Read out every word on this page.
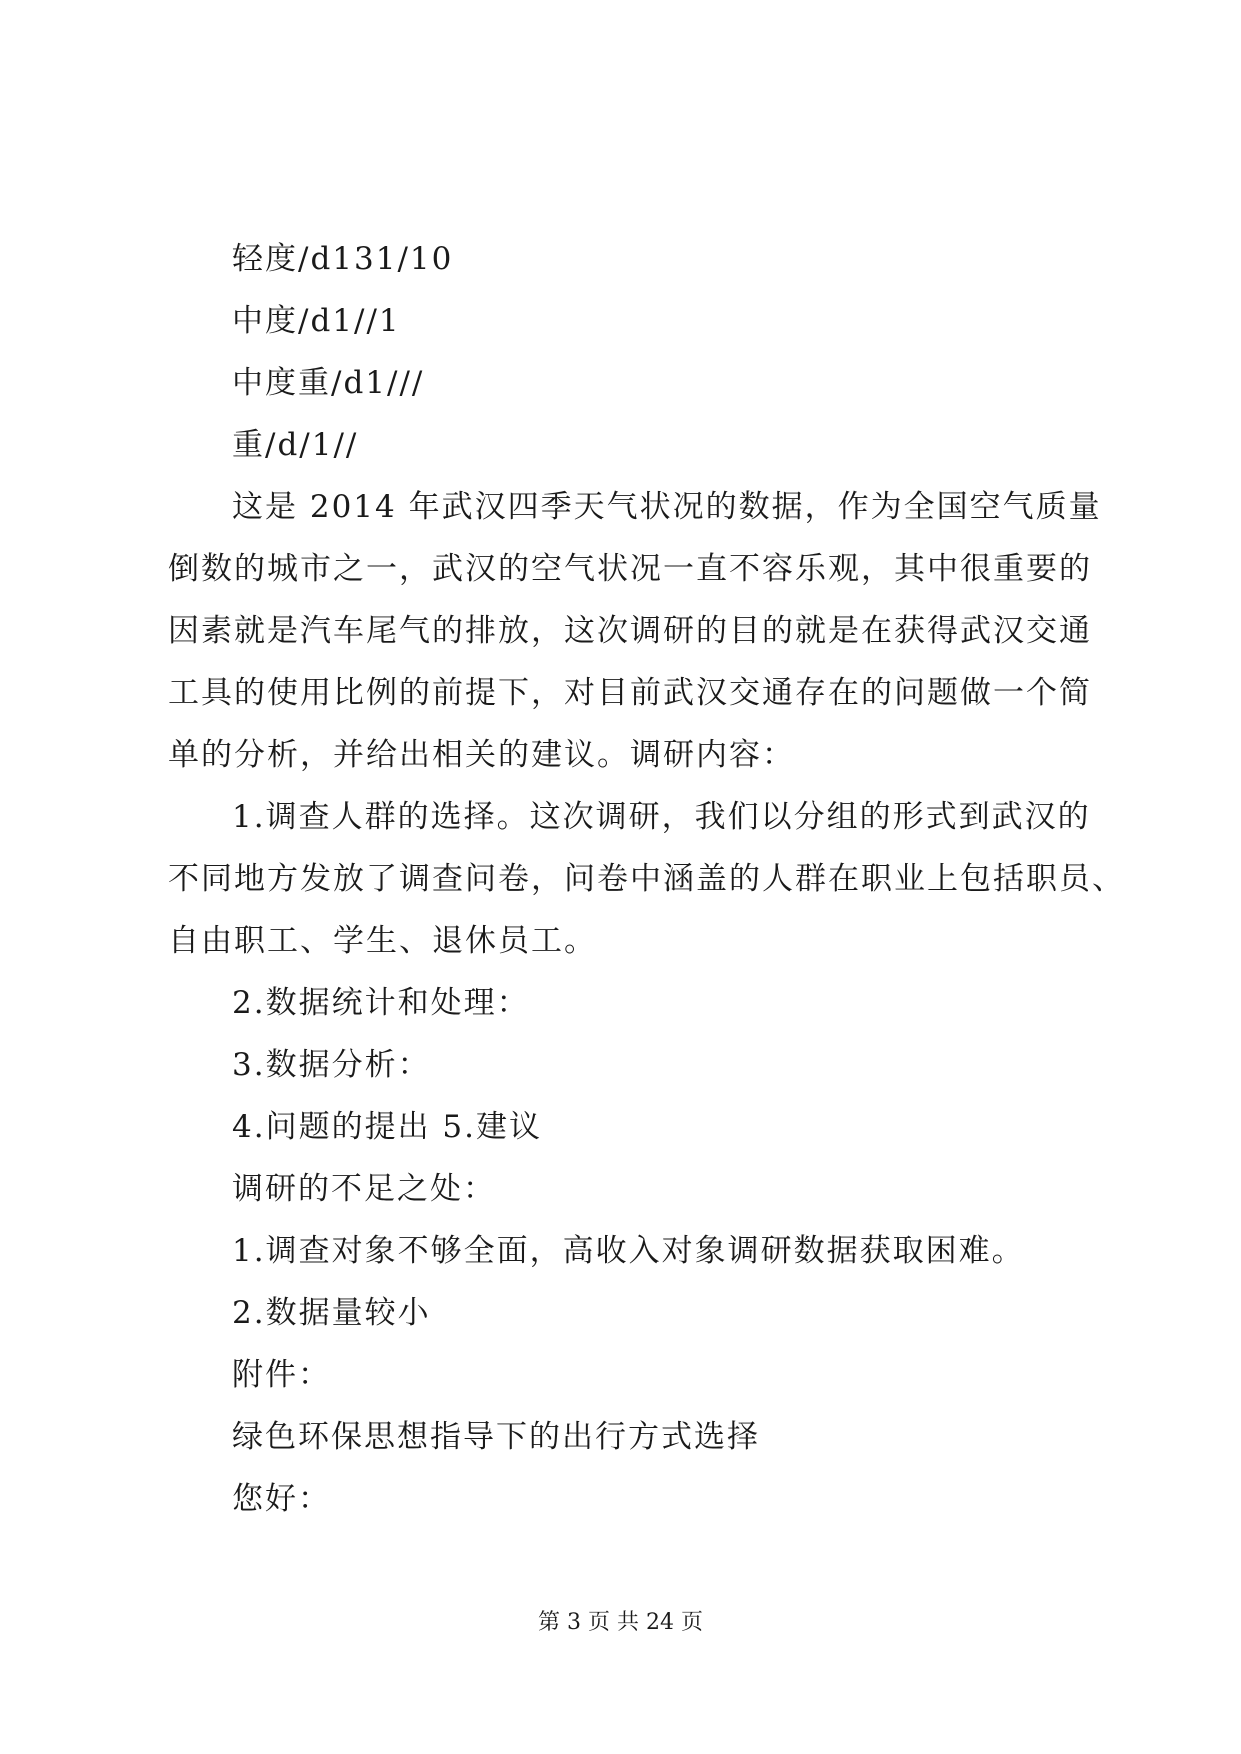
轻度/d131/10
中度/d1//1
中度重/d1///
重/d/1//
这是 2014 年武汉四季天气状况的数据，作为全国空气质量
倒数的城市之一，武汉的空气状况一直不容乐观，其中很重要的
因素就是汽车尾气的排放，这次调研的目的就是在获得武汉交通
工具的使用比例的前提下，对目前武汉交通存在的问题做一个简
单的分析，并给出相关的建议。调研内容：
1.调查人群的选择。这次调研，我们以分组的形式到武汉的
不同地方发放了调查问卷，问卷中涵盖的人群在职业上包括职员、
自由职工、学生、退休员工。
2.数据统计和处理：
3.数据分析：
4.问题的提出 5.建议
调研的不足之处：
1.调查对象不够全面，高收入对象调研数据获取困难。
2.数据量较小
附件：
绿色环保思想指导下的出行方式选择
您好：
第 3 页 共 24 页
